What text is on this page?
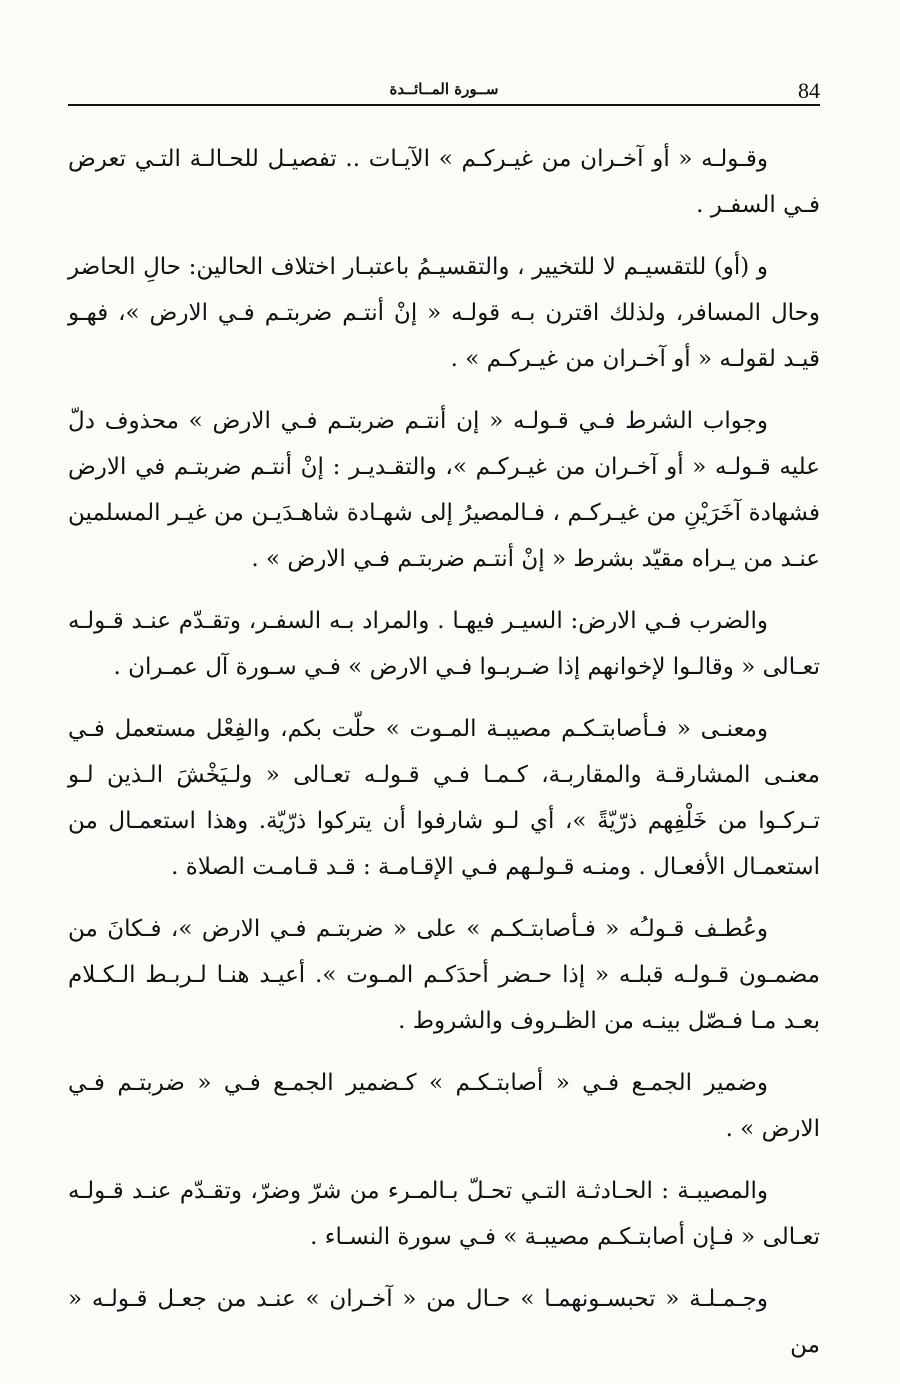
84
ســورة المــائــدة

وقـولـه « أو آخـران من غيـركـم » الآيـات .. تفصيـل للحـالـة التـي تعرض فـي السفـر .

و (أو) للتقسيـم لا للتخيير ، والتقسيـمُ باعتبـار اختلاف الحالين: حالِ الحاضر وحال المسافر، ولذلك اقترن بـه قولـه « إنْ أنتـم ضربتـم فـي الارض »، فهـو قيـد لقولـه « أو آخـران من غيـركـم » .

وجواب الشرط فـي قـولـه « إن أنتـم ضربتـم فـي الارض » محذوف دلّ عليه قـولـه « أو آخـران من غيـركـم »، والتقـديـر : إنْ أنتـم ضربتـم في الارض فشهادة آخَرَيْنِ من غيـركـم ، فـالمصيرُ إلى شهـادة شاهـدَيـن من غيـر المسلمين عنـد من يـراه مقيّد بشرط « إنْ أنتـم ضربتـم فـي الارض » .

والضرب فـي الارض: السيـر فيهـا . والمراد بـه السفـر، وتقـدّم عنـد قـولـه تعـالى « وقالـوا لإخوانهم إذا ضـربـوا فـي الارض » فـي سـورة آل عمـران .

ومعنـى « فـأصابتـكـم مصيبـة المـوت » حلّت بكم، والفِعْل مستعمل فـي معنـى المشارقـة والمقاربـة، كـمـا فـي قـولـه تعـالى « ولـيَخْشَ الـذين لـو تـركـوا من خَلْفِهم ذرّيّةً »، أي لـو شارفوا أن يتركوا ذرّيّة. وهذا استعمـال من استعمـال الأفعـال . ومنـه قـولـهم فـي الإقـامـة : قـد قـامـت الصلاة .

وعُطـف قـولـُه « فـأصابتـكـم » على « ضربتـم فـي الارض »، فـكانَ من مضمـون قـولـه قبلـه « إذا حـضر أحدَكـم المـوت ». أعيـد هنـا لـربـط الـكـلام بعـد مـا فـصّل بينـه من الظـروف والشروط .

وضمير الجمـع فـي « أصابتـكـم » كـضمير الجمـع فـي « ضربتـم فـي الارض » .

والمصيبـة : الحـادثـة التـي تحـلّ بـالمـرء من شرّ وضرّ، وتقـدّم عنـد قـولـه تعـالى « فـإن أصابتـكـم مصيبـة » فـي سورة النسـاء .

وجـمـلـة « تحبسـونهمـا » حـال من « آخـران » عنـد من جعـل قـولـه « من
